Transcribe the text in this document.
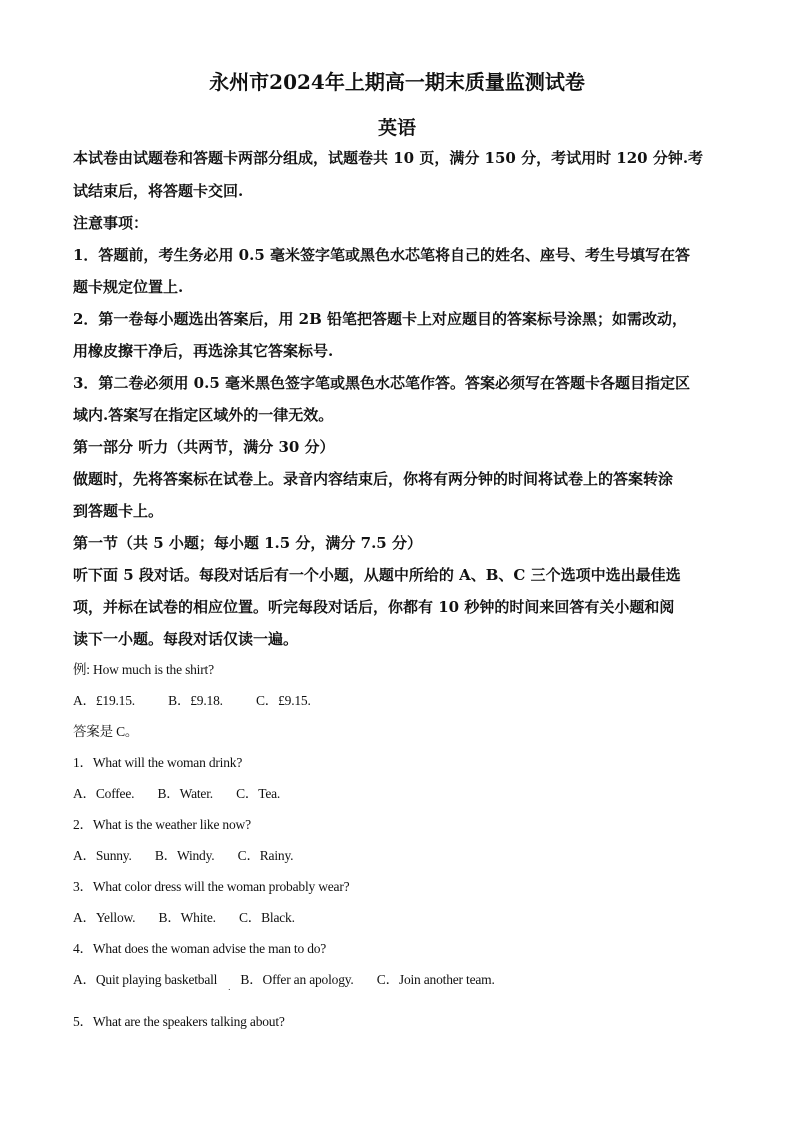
永州市2024年上期高一期末质量监测试卷
英语
本试卷由试题卷和答题卡两部分组成，试题卷共 10 页，满分 150 分，考试用时 120 分钟.考
试结束后，将答题卡交回.
注意事项：
1．答题前，考生务必用 0.5 毫米签字笔或黑色水芯笔将自己的姓名、座号、考生号填写在答
题卡规定位置上.
2．第一卷每小题选出答案后，用 2B 铅笔把答题卡上对应题目的答案标号涂黑；如需改动，
用橡皮擦干净后，再选涂其它答案标号.
3．第二卷必须用 0.5 毫米黑色签字笔或黑色水芯笔作答。答案必须写在答题卡各题目指定区
域内.答案写在指定区域外的一律无效。
第一部分 听力（共两节，满分 30 分）
做题时，先将答案标在试卷上。录音内容结束后，你将有两分钟的时间将试卷上的答案转涂
到答题卡上。
第一节（共 5 小题；每小题 1.5 分，满分 7.5 分）
听下面 5 段对话。每段对话后有一个小题，从题中所给的 A、B、C 三个选项中选出最佳选
项，并标在试卷的相应位置。听完每段对话后，你都有 10 秒钟的时间来回答有关小题和阅
读下一小题。每段对话仅读一遍。
例: How much is the shirt?
A．£19.15. B．£9.18. C．£9.15.
答案是 C。
1．What will the woman drink?
A．Coffee. B．Water. C．Tea.
2．What is the weather like now?
A．Sunny. B．Windy. C．Rainy.
3．What color dress will the woman probably wear?
A．Yellow. B．White. C．Black.
4．What does the woman advise the man to do?
A．Quit playing basketball B．Offer an apology. C．Join another team.
.
5．What are the speakers talking about?
